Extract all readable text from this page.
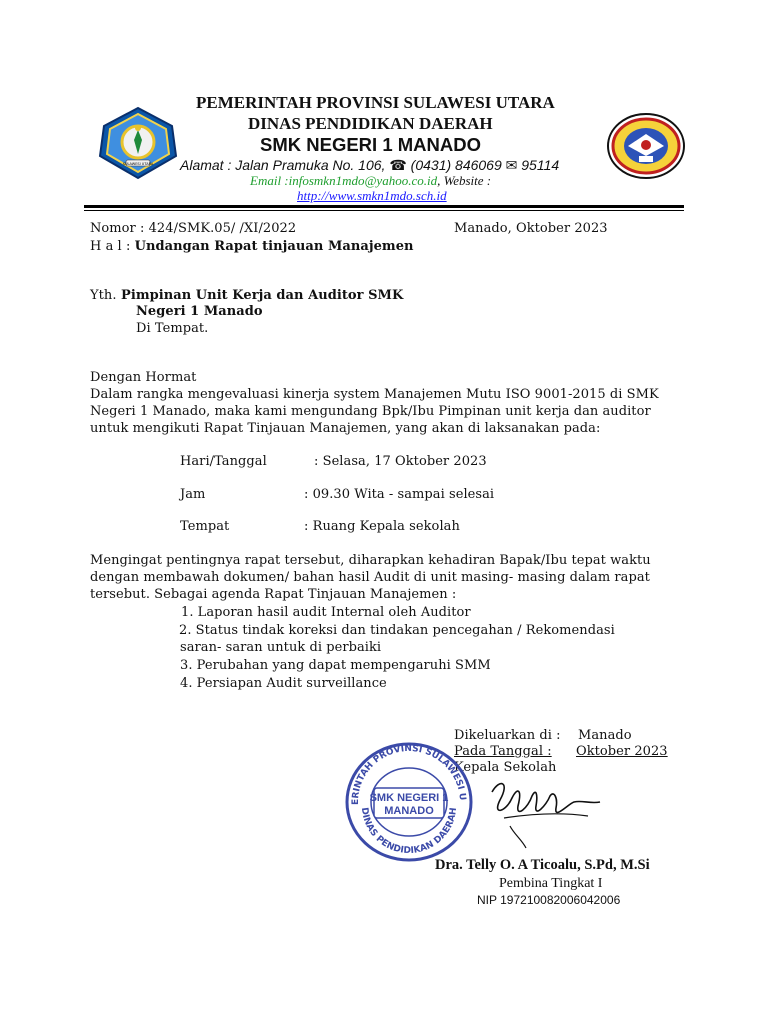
SULAWESI UTARA
PEMERINTAH PROVINSI SULAWESI UTARA
DINAS PENDIDIKAN DAERAH
SMK NEGERI 1 MANADO
Alamat : Jalan Pramuka No. 106, ☎ (0431) 846069 ✉ 95114
Email :infosmkn1mdo@yahoo.co.id, Website :
http://www.smkn1mdo.sch.id
Nomor : 424/SMK.05/ /XI/2022	Manado, Oktober 2023
H a l : Undangan Rapat tinjauan Manajemen
Yth. Pimpinan Unit Kerja dan Auditor SMK
Negeri 1 Manado
Di Tempat.
Dengan Hormat
Dalam rangka mengevaluasi kinerja system Manajemen Mutu ISO 9001-2015 di SMK
Negeri 1 Manado, maka kami mengundang Bpk/Ibu Pimpinan unit kerja dan auditor
untuk mengikuti Rapat Tinjauan Manajemen, yang akan di laksanakan pada:
Hari/Tanggal	: Selasa, 17 Oktober 2023
Jam	: 09.30 Wita - sampai selesai
Tempat	: Ruang Kepala sekolah
Mengingat pentingnya rapat tersebut, diharapkan kehadiran Bapak/Ibu tepat waktu
dengan membawah dokumen/ bahan hasil Audit di unit masing- masing dalam rapat
tersebut. Sebagai agenda Rapat Tinjauan Manajemen :
1. Laporan hasil audit Internal oleh Auditor
2. Status tindak koreksi dan tindakan pencegahan / Rekomendasi
saran- saran untuk di perbaiki
3. Perubahan yang dapat mempengaruhi SMM
4. Persiapan Audit surveillance
Dikeluarkan di : Manado
Pada Tanggal : Oktober 2023
Kepala Sekolah
ERINTAH PROVINSI SULAWESI U
DINAS PENDIDIKAN DAERAH
SMK NEGERI 1
MANADO
Dra. Telly O. A Ticoalu, S.Pd, M.Si
Pembina Tingkat I
NIP 197210082006042006
